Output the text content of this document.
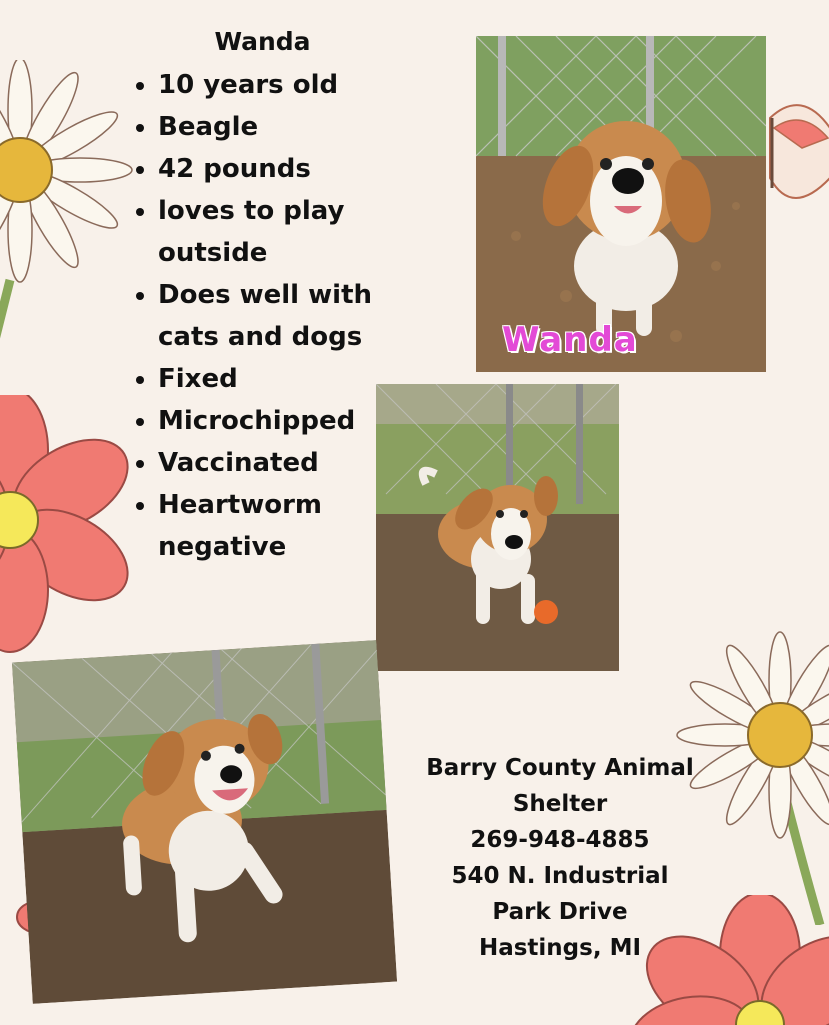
Wanda
• 10 years old
• Beagle
• 42 pounds
• loves to play outside
• Does well with cats and dogs
• Fixed
• Microchipped
• Vaccinated
• Heartworm negative
Wanda
Barry County Animal
Shelter
269-948-4885
540 N. Industrial
Park Drive
Hastings, MI
